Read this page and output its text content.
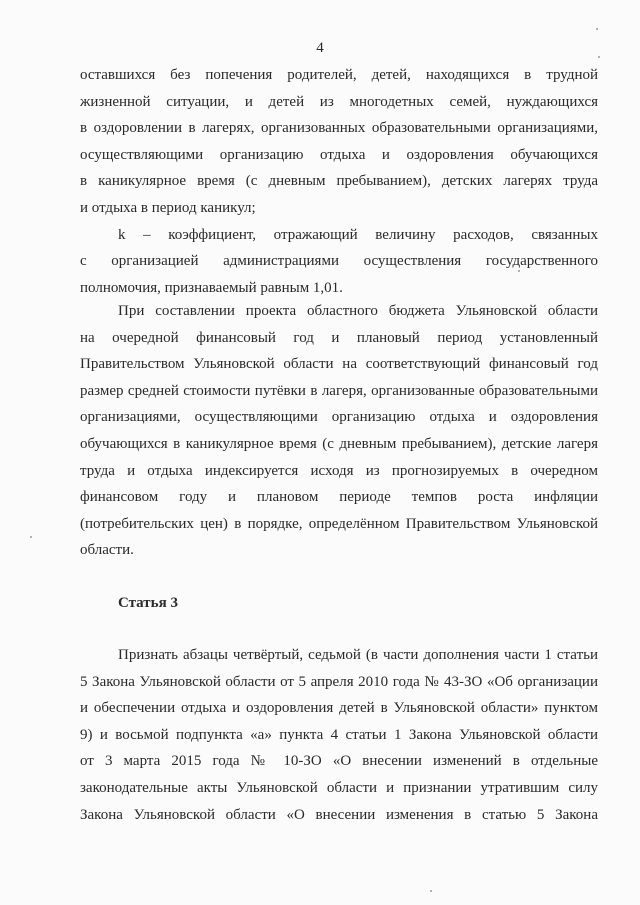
4
оставшихся без попечения родителей, детей, находящихся в трудной
жизненной ситуации, и детей из многодетных семей, нуждающихся
в оздоровлении в лагерях, организованных образовательными организациями,
осуществляющими организацию отдыха и оздоровления обучающихся
в каникулярное время (с дневным пребыванием), детских лагерях труда
и отдыха в период каникул;
k – коэффициент, отражающий величину расходов, связанных
с организацией администрациями осуществления государственного
полномочия, признаваемый равным 1,01.
При составлении проекта областного бюджета Ульяновской области
на очередной финансовый год и плановый период установленный
Правительством Ульяновской области на соответствующий финансовый год
размер средней стоимости путёвки в лагеря, организованные образовательными
организациями, осуществляющими организацию отдыха и оздоровления
обучающихся в каникулярное время (с дневным пребыванием), детские лагеря
труда и отдыха индексируется исходя из прогнозируемых в очередном
финансовом году и плановом периоде темпов роста инфляции
(потребительских цен) в порядке, определённом Правительством Ульяновской
области.
Статья 3
Признать абзацы четвёртый, седьмой (в части дополнения части 1 статьи
5 Закона Ульяновской области от 5 апреля 2010 года № 43-ЗО «Об организации
и обеспечении отдыха и оздоровления детей в Ульяновской области» пунктом
9) и восьмой подпункта «а» пункта 4 статьи 1 Закона Ульяновской области
от 3 марта 2015 года № 10-ЗО «О внесении изменений в отдельные
законодательные акты Ульяновской области и признании утратившим силу
Закона Ульяновской области «О внесении изменения в статью 5 Закона
